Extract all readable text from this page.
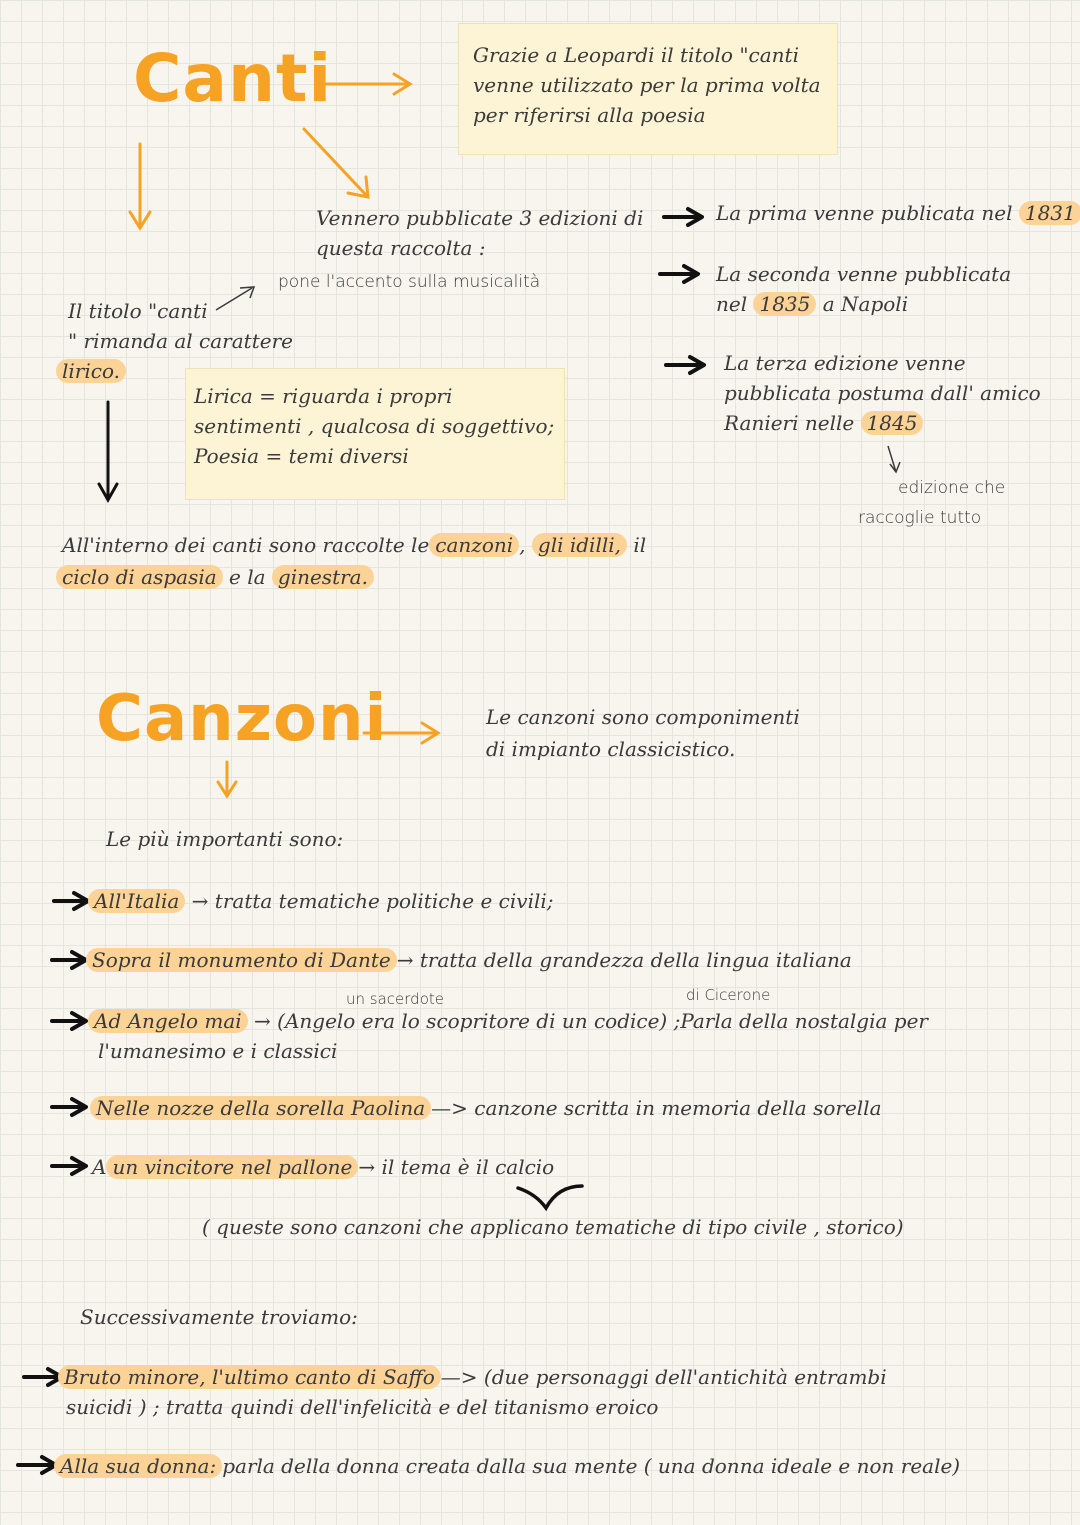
Canti	Grazie a Leopardi il titolo "canti
venne utilizzato per la prima volta
per riferirsi alla poesia
Vennero pubblicate 3 edizioni di
questa raccolta :
pone l'accento sulla musicalità
La prima venne publicata nel 1831
La seconda venne pubblicata
nel 1835 a Napoli
La terza edizione venne
pubblicata postuma dall' amico
Ranieri nelle 1845
edizione che
raccoglie tutto
Il titolo "canti
" rimanda al carattere
lirico.
Lirica = riguarda i propri
sentimenti , qualcosa di soggettivo;
Poesia = temi diversi
All'interno dei canti sono raccolte le canzoni , gli idilli, il
ciclo di aspasia e la ginestra.
Canzoni	Le canzoni sono componimenti
di impianto classicistico.
Le più importanti sono:
All'Italia → tratta tematiche politiche e civili;
Sopra il monumento di Dante → tratta della grandezza della lingua italiana
un sacerdote	di Cicerone
Ad Angelo mai → (Angelo era lo scopritore di un codice) ;Parla della nostalgia per
l'umanesimo e i classici
Nelle nozze della sorella Paolina —> canzone scritta in memoria della sorella
A un vincitore nel pallone → il tema è il calcio
( queste sono canzoni che applicano tematiche di tipo civile , storico)
Successivamente troviamo:
Bruto minore, l'ultimo canto di Saffo —> (due personaggi dell'antichità entrambi
suicidi ) ; tratta quindi dell'infelicità e del titanismo eroico
Alla sua donna: parla della donna creata dalla sua mente ( una donna ideale e non reale)
